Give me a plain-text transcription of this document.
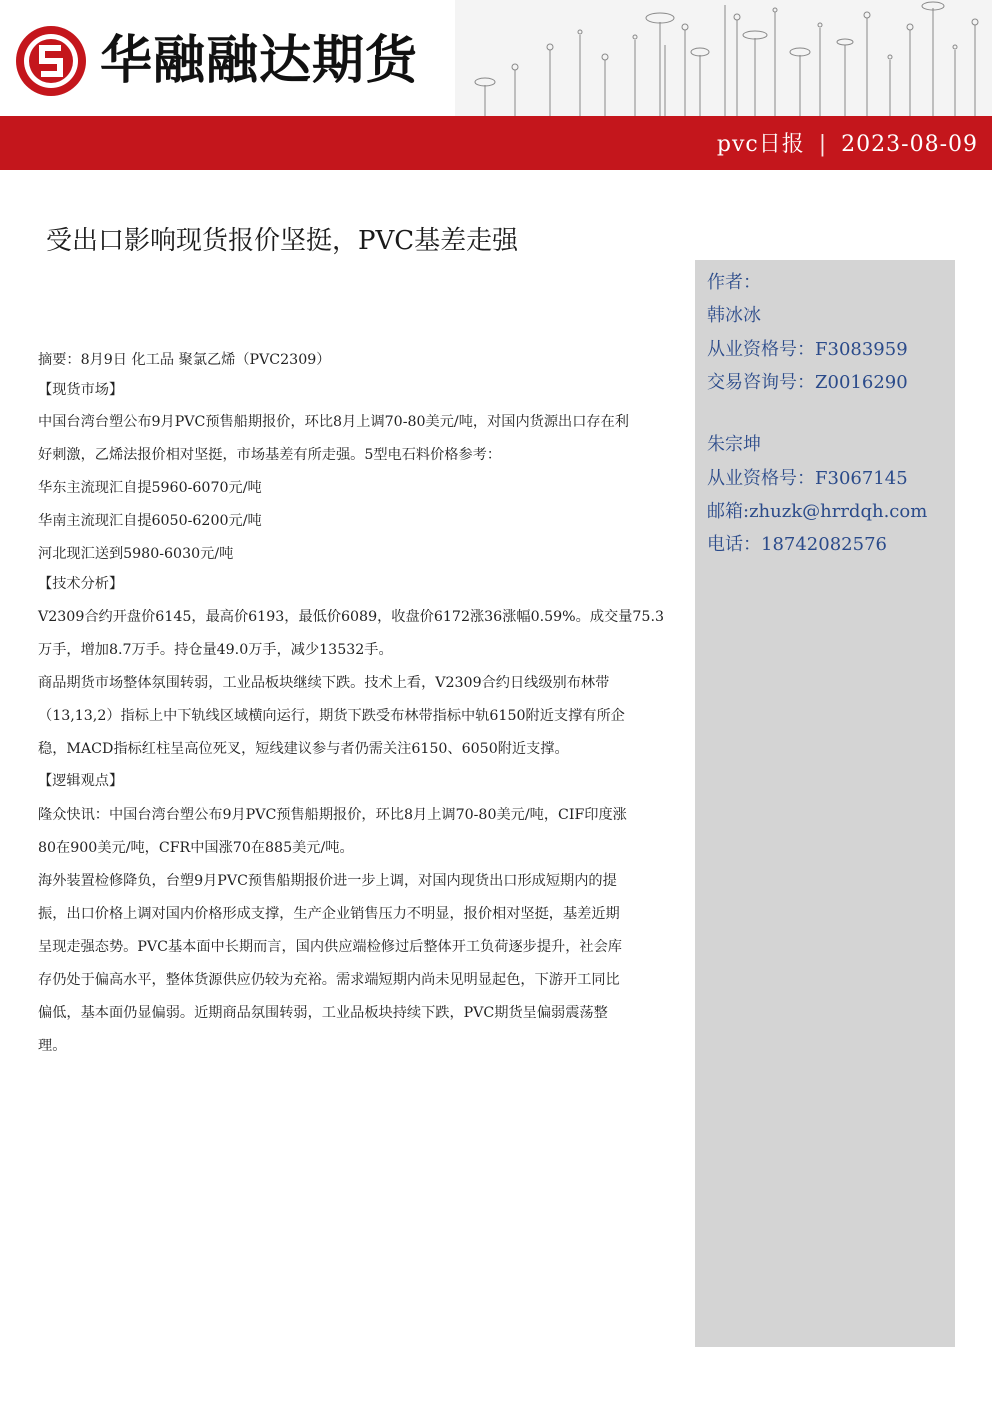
华融融达期货
pvc日报 | 2023-08-09
受出口影响现货报价坚挺，PVC基差走强
作者：
韩冰冰
从业资格号：F3083959
交易咨询号：Z0016290
朱宗坤
从业资格号：F3067145
邮箱:zhuzk@hrrdqh.com
电话：18742082576
摘要：8月9日 化工品 聚氯乙烯（PVC2309）
【现货市场】
中国台湾台塑公布9月PVC预售船期报价，环比8月上调70-80美元/吨，对国内货源出口存在利
好刺激，乙烯法报价相对坚挺，市场基差有所走强。5型电石料价格参考：
华东主流现汇自提5960-6070元/吨
华南主流现汇自提6050-6200元/吨
河北现汇送到5980-6030元/吨
【技术分析】
V2309合约开盘价6145，最高价6193，最低价6089，收盘价6172涨36涨幅0.59%。成交量75.3
万手，增加8.7万手。持仓量49.0万手，减少13532手。
商品期货市场整体氛围转弱，工业品板块继续下跌。技术上看，V2309合约日线级别布林带
（13,13,2）指标上中下轨线区域横向运行，期货下跌受布林带指标中轨6150附近支撑有所企
稳，MACD指标红柱呈高位死叉，短线建议参与者仍需关注6150、6050附近支撑。
【逻辑观点】
隆众快讯：中国台湾台塑公布9月PVC预售船期报价，环比8月上调70-80美元/吨，CIF印度涨
80在900美元/吨，CFR中国涨70在885美元/吨。
海外装置检修降负，台塑9月PVC预售船期报价进一步上调，对国内现货出口形成短期内的提
振，出口价格上调对国内价格形成支撑，生产企业销售压力不明显，报价相对坚挺，基差近期
呈现走强态势。PVC基本面中长期而言，国内供应端检修过后整体开工负荷逐步提升，社会库
存仍处于偏高水平，整体货源供应仍较为充裕。需求端短期内尚未见明显起色，下游开工同比
偏低，基本面仍显偏弱。近期商品氛围转弱，工业品板块持续下跌，PVC期货呈偏弱震荡整
理。
